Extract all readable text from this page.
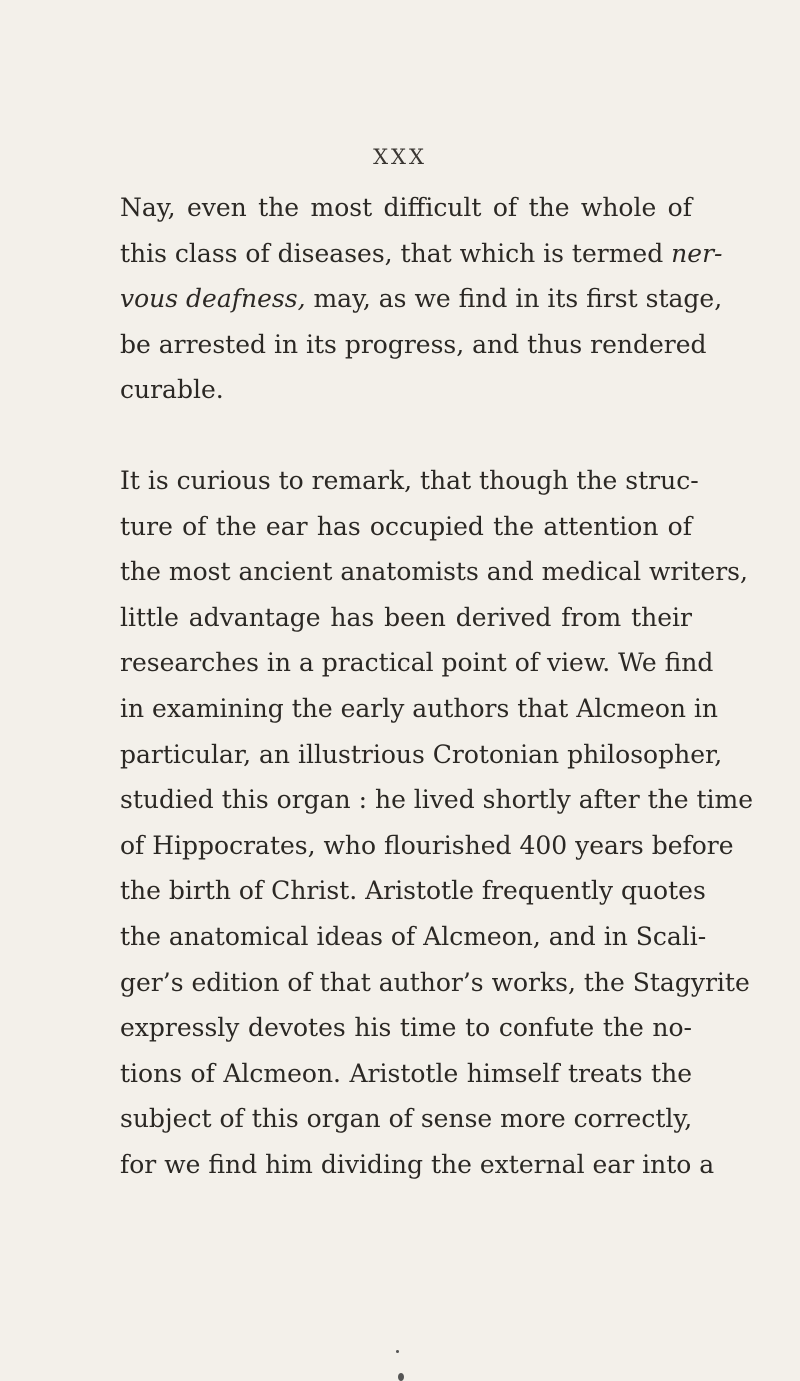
XXX
Nay, even the most difficult of the whole of
this class of diseases, that which is termed ner-
vous deafness, may, as we find in its first stage,
be arrested in its progress, and thus rendered
curable.
It is curious to remark, that though the struc-
ture of the ear has occupied the attention of
the most ancient anatomists and medical writers,
little advantage has been derived from their
researches in a practical point of view. We find
in examining the early authors that Alcmeon in
particular, an illustrious Crotonian philosopher,
studied this organ : he lived shortly after the time
of Hippocrates, who flourished 400 years before
the birth of Christ. Aristotle frequently quotes
the anatomical ideas of Alcmeon, and in Scali-
ger’s edition of that author’s works, the Stagyrite
expressly devotes his time to confute the no-
tions of Alcmeon. Aristotle himself treats the
subject of this organ of sense more correctly,
for we find him dividing the external ear into a
